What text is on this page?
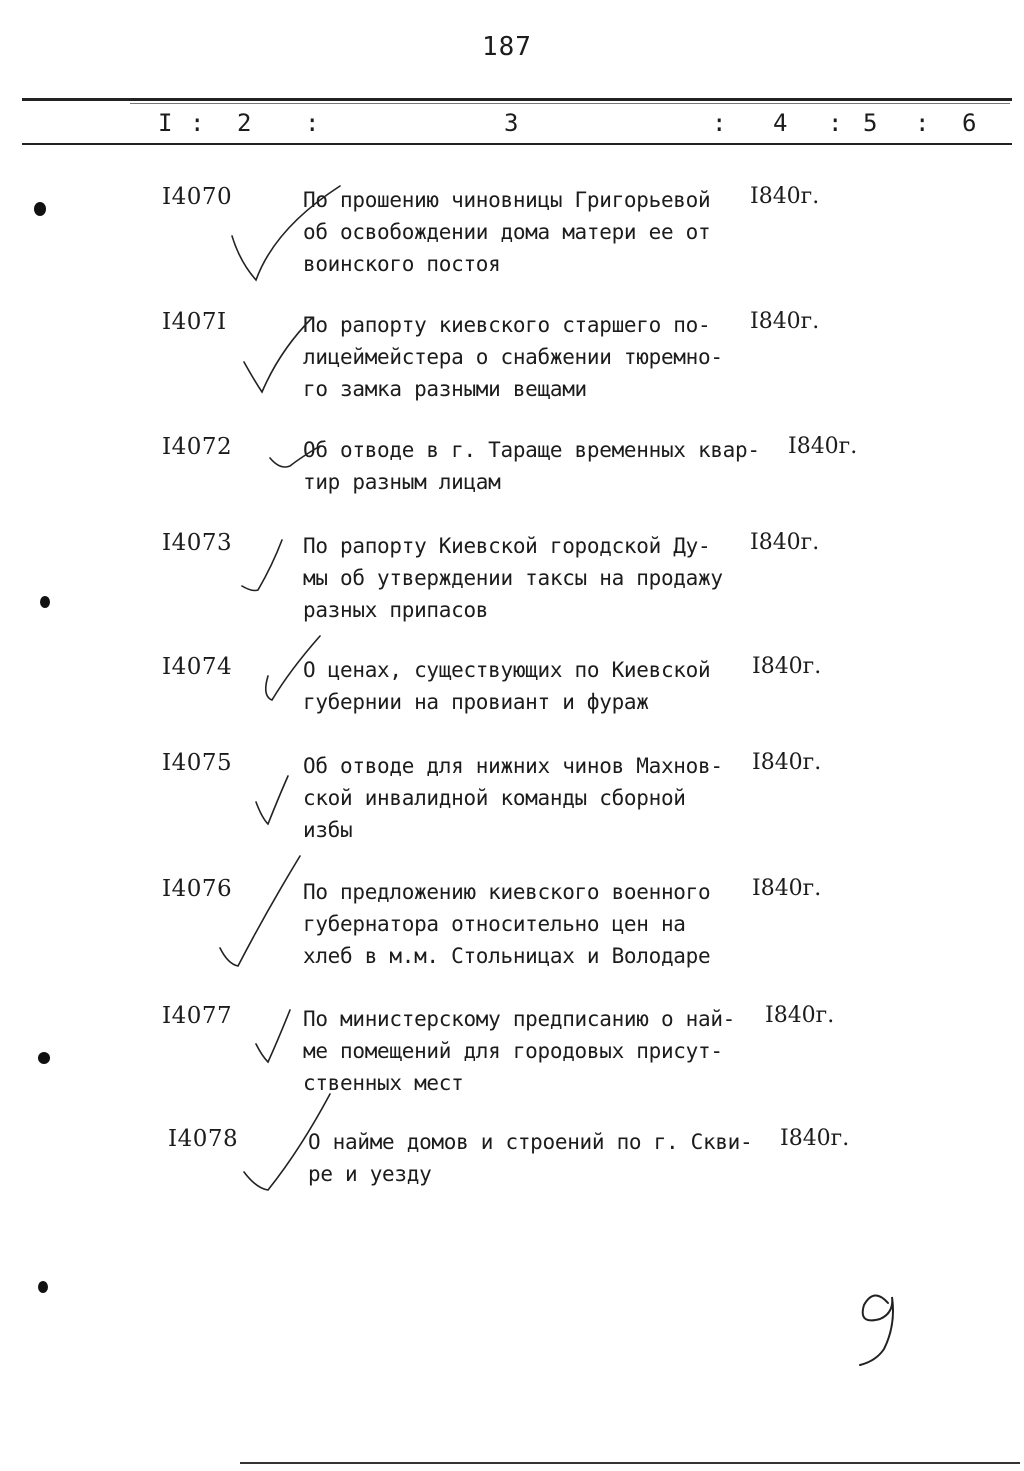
187
I : 2 :	3	: 4 : 5 : 6
I4070	По прошению чиновницы Григорьевой
об освобождении дома матери ее от
воинского постоя
I840г.
I407I	По рапорту киевского старшего по-
лицеймейстера о снабжении тюремно-
го замка разными вещами
I840г.
I4072	Об отводе в г. Тараще временных квар-
тир разным лицам
I840г.
I4073	По рапорту Киевской городской Ду-
мы об утверждении таксы на продажу
разных припасов
I840г.
I4074	О ценах, существующих по Киевской
губернии на провиант и фураж
I840г.
I4075	Об отводе для нижних чинов Махнов-
ской инвалидной команды сборной
избы
I840г.
I4076	По предложению киевского военного
губернатора относительно цен на
хлеб в м.м. Стольницах и Володаре
I840г.
I4077	По министерскому предписанию о най-
ме помещений для городовых присут-
ственных мест
I840г.
I4078	О найме домов и строений по г. Скви-
ре и уезду
I840г.
